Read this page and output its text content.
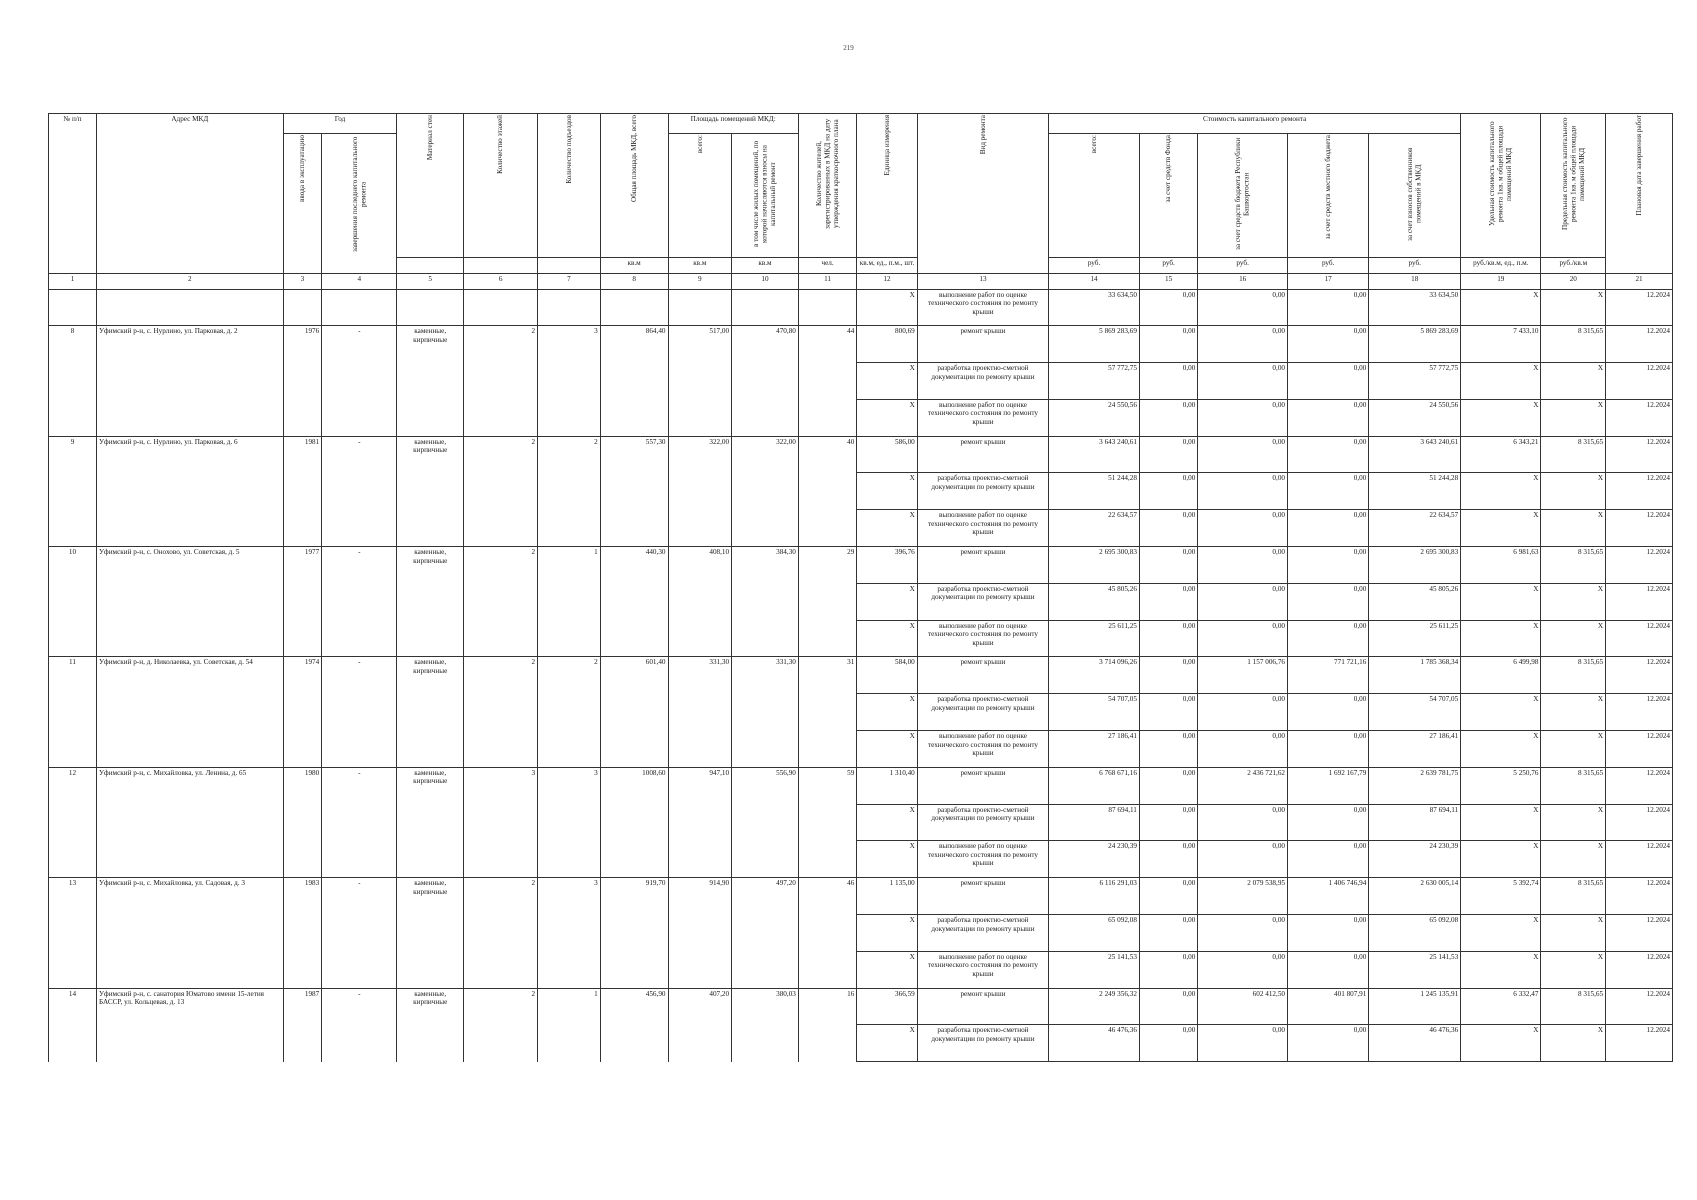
219
№ п/п	Адрес МКД	Год		Материал стен	Количество этажей	Количество подъездов	Общая площадь МКД, всего	Площадь помещений МКД:		Количество жителей, зарегистрированных в МКД на дату утверждения краткосрочного плана	Единица измерения	Вид ремонта	Стоимость капитального ремонта					Удельная стоимость капитального ремонта 1кв. м общей площади помещений МКД	Предельная стоимость капитального ремонта 1кв. м общей площади помещений МКД	Плановая дата завершения работ
		ввода в эксплуатацию	завершения последнего капитального ремонта					всего:	в том числе жилых помещений, по которой начисляются взносы на капитальный ремонт				всего:	за счет средств Фонда	за счет средств бюджета Республики Башкортостан	за счет средств местного бюджета	за счет взносов собственников помещений в МКД			
							кв.м	кв.м	кв.м	чел.	кв.м, ед., п.м., шт.		руб.	руб.	руб.	руб.	руб.	руб./кв.м, ед., п.м.	руб./кв.м	
1	2	3	4	5	6	7	8	9	10	11	12	13	14	15	16	17	18	19	20	21
											X	выполнение работ по оценке технического состояния по ремонту крыши	33 634,50	0,00	0,00	0,00	33 634,50	X	X	12.2024
8	Уфимский р-н, с. Нурлино, ул. Парковая, д. 2	1976	-	каменные, кирпичные	2	3	864,40	517,00	470,80	44	800,69	ремонт крыши	5 869 283,69	0,00	0,00	0,00	5 869 283,69	7 433,10	8 315,65	12.2024
											X	разработка проектно-сметной документации по ремонту крыши	57 772,75	0,00	0,00	0,00	57 772,75	X	X	12.2024
											X	выполнение работ по оценке технического состояния по ремонту крыши	24 550,56	0,00	0,00	0,00	24 550,56	X	X	12.2024
9	Уфимский р-н, с. Нурлино, ул. Парковая, д. 6	1981	-	каменные, кирпичные	2	2	557,30	322,00	322,00	40	586,00	ремонт крыши	3 643 240,61	0,00	0,00	0,00	3 643 240,61	6 343,21	8 315,65	12.2024
											X	разработка проектно-сметной документации по ремонту крыши	51 244,28	0,00	0,00	0,00	51 244,28	X	X	12.2024
											X	выполнение работ по оценке технического состояния по ремонту крыши	22 634,57	0,00	0,00	0,00	22 634,57	X	X	12.2024
10	Уфимский р-н, с. Онохово, ул. Советская, д. 5	1977	-	каменные, кирпичные	2	1	440,30	408,10	384,30	29	396,76	ремонт крыши	2 695 300,83	0,00	0,00	0,00	2 695 300,83	6 981,63	8 315,65	12.2024
											X	разработка проектно-сметной документации по ремонту крыши	45 805,26	0,00	0,00	0,00	45 805,26	X	X	12.2024
											X	выполнение работ по оценке технического состояния по ремонту крыши	25 611,25	0,00	0,00	0,00	25 611,25	X	X	12.2024
11	Уфимский р-н, д. Николаевка, ул. Советская, д. 54	1974	-	каменные, кирпичные	2	2	601,40	331,30	331,30	31	584,00	ремонт крыши	3 714 096,26	0,00	1 157 006,76	771 721,16	1 785 368,34	6 499,98	8 315,65	12.2024
											X	разработка проектно-сметной документации по ремонту крыши	54 707,05	0,00	0,00	0,00	54 707,05	X	X	12.2024
											X	выполнение работ по оценке технического состояния по ремонту крыши	27 186,41	0,00	0,00	0,00	27 186,41	X	X	12.2024
12	Уфимский р-н, с. Михайловка, ул. Ленина, д. 65	1980	-	каменные, кирпичные	3	3	1008,60	947,10	556,90	59	1 310,40	ремонт крыши	6 768 671,16	0,00	2 436 721,62	1 692 167,79	2 639 781,75	5 250,76	8 315,65	12.2024
											X	разработка проектно-сметной документации по ремонту крыши	87 694,11	0,00	0,00	0,00	87 694,11	X	X	12.2024
											X	выполнение работ по оценке технического состояния по ремонту крыши	24 230,39	0,00	0,00	0,00	24 230,39	X	X	12.2024
13	Уфимский р-н, с. Михайловка, ул. Садовая, д. 3	1983	-	каменные, кирпичные	2	3	919,70	914,90	497,20	46	1 135,00	ремонт крыши	6 116 291,03	0,00	2 079 538,95	1 406 746,94	2 630 005,14	5 392,74	8 315,65	12.2024
											X	разработка проектно-сметной документации по ремонту крыши	65 092,08	0,00	0,00	0,00	65 092,08	X	X	12.2024
											X	выполнение работ по оценке технического состояния по ремонту крыши	25 141,53	0,00	0,00	0,00	25 141,53	X	X	12.2024
14	Уфимский р-н, с. санатория Юматово имени 15-летия БАССР, ул. Кольцевая, д. 13	1987	-	каменные, кирпичные	2	1	456,90	407,20	380,03	16	366,59	ремонт крыши	2 249 356,32	0,00	602 412,50	401 807,91	1 245 135,91	6 332,47	8 315,65	12.2024
											X	разработка проектно-сметной документации по ремонту крыши	46 476,36	0,00	0,00	0,00	46 476,36	X	X	12.2024
